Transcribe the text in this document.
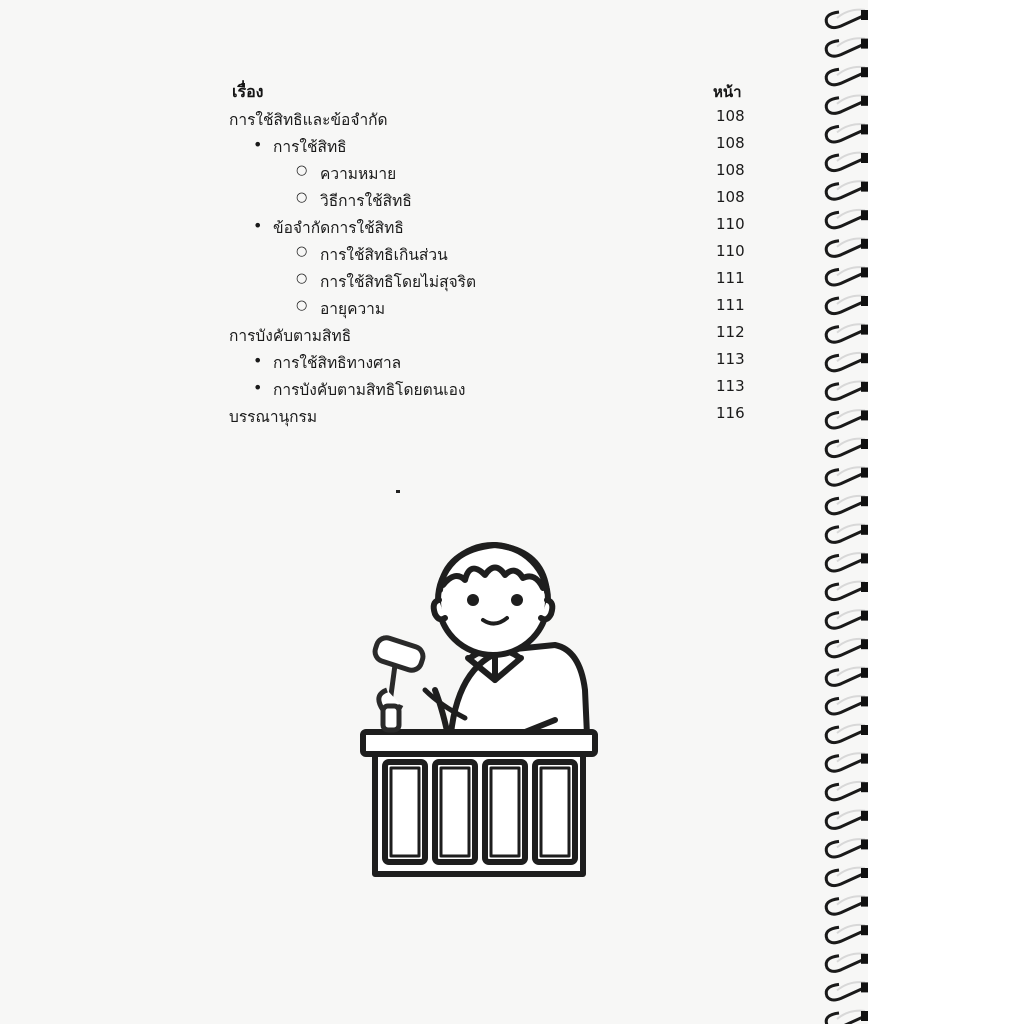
เรื่อง	หน้า
การใช้สิทธิและข้อจำกัด	108
• การใช้สิทธิ	108
○ ความหมาย	108
○ วิธีการใช้สิทธิ	108
• ข้อจำกัดการใช้สิทธิ	110
○ การใช้สิทธิเกินส่วน	110
○ การใช้สิทธิโดยไม่สุจริต	111
○ อายุความ	111
การบังคับตามสิทธิ	112
• การใช้สิทธิทางศาล	113
• การบังคับตามสิทธิโดยตนเอง	113
บรรณานุกรม	116
